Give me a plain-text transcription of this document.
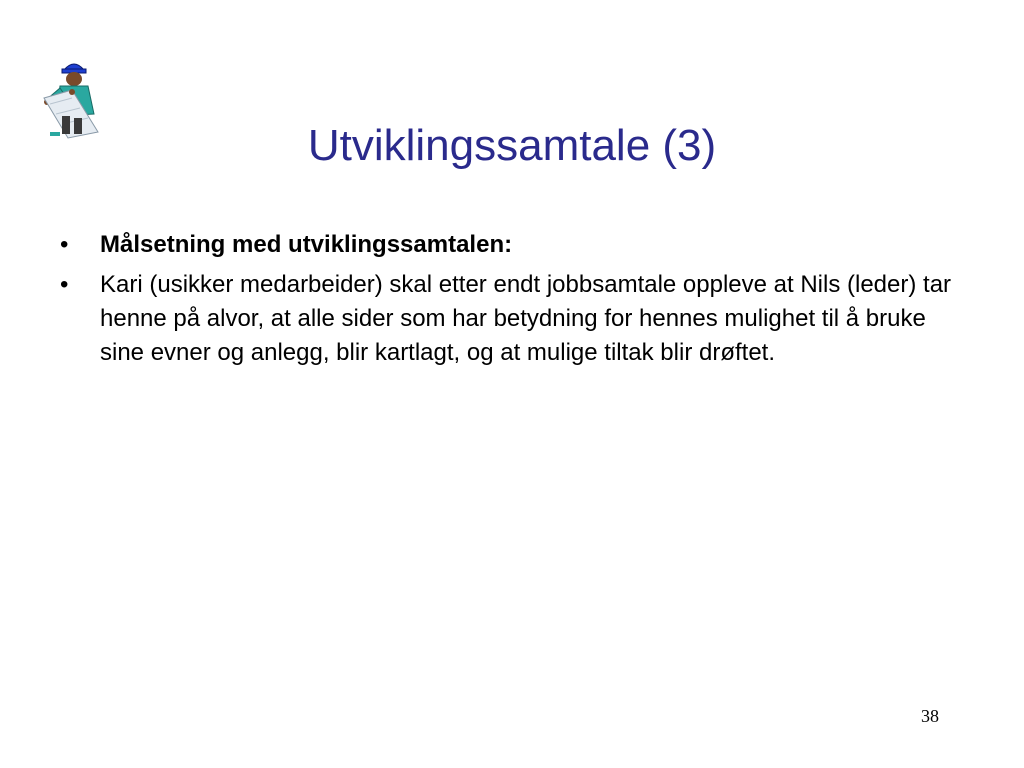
Utviklingssamtale (3)
•	Målsetning med utviklingssamtalen:
•	Kari (usikker medarbeider) skal etter endt jobbsamtale oppleve at Nils (leder) tar henne på alvor, at alle sider som har betydning for hennes mulighet til å bruke sine evner og anlegg, blir kartlagt, og at mulige tiltak blir drøftet.
38
